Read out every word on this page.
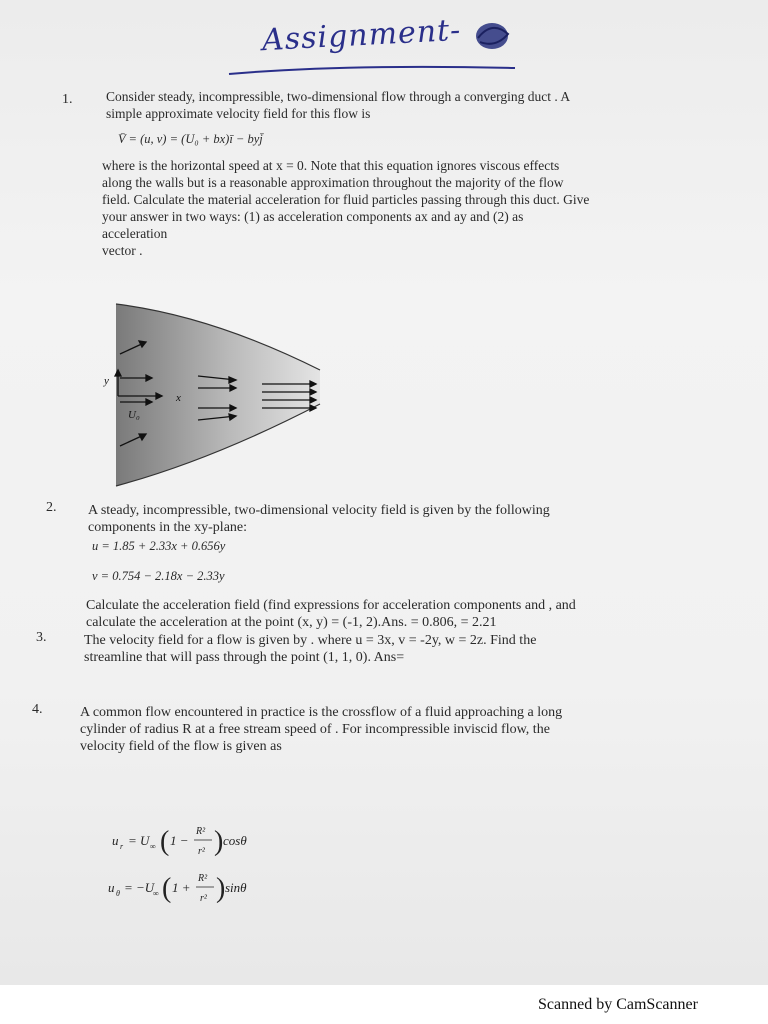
Assignment-
1. Consider steady, incompressible, two-dimensional flow through a converging duct . A
simple approximate velocity field for this flow is
V̄ = (u, v) = (U₀ + bx)ī − byj̄
where is the horizontal speed at x = 0. Note that this equation ignores viscous effects
along the walls but is a reasonable approximation throughout the majority of the flow
field. Calculate the material acceleration for fluid particles passing through this duct. Give
your answer in two ways: (1) as acceleration components ax and ay and (2) as
acceleration
vector .
y
x
U₀
2. A steady, incompressible, two-dimensional velocity field is given by the following
components in the xy-plane:
u = 1.85 + 2.33x + 0.656y
v = 0.754 − 2.18x − 2.33y
Calculate the acceleration field (find expressions for acceleration components and , and
calculate the acceleration at the point (x, y) = (-1, 2).Ans. = 0.806, = 2.21
3.	The velocity field for a flow is given by . where u = 3x, v = -2y, w = 2z. Find the
streamline that will pass through the point (1, 1, 0). Ans=
4.	A common flow encountered in practice is the crossflow of a fluid approaching a long
cylinder of radius R at a free stream speed of . For incompressible inviscid flow, the
velocity field of the flow is given as
u r = U ∞ ( 1 −
R²
r² ) cosθ
u θ = −U
∞ ( 1 +
R²
r² ) sinθ
Scanned by CamScanner
